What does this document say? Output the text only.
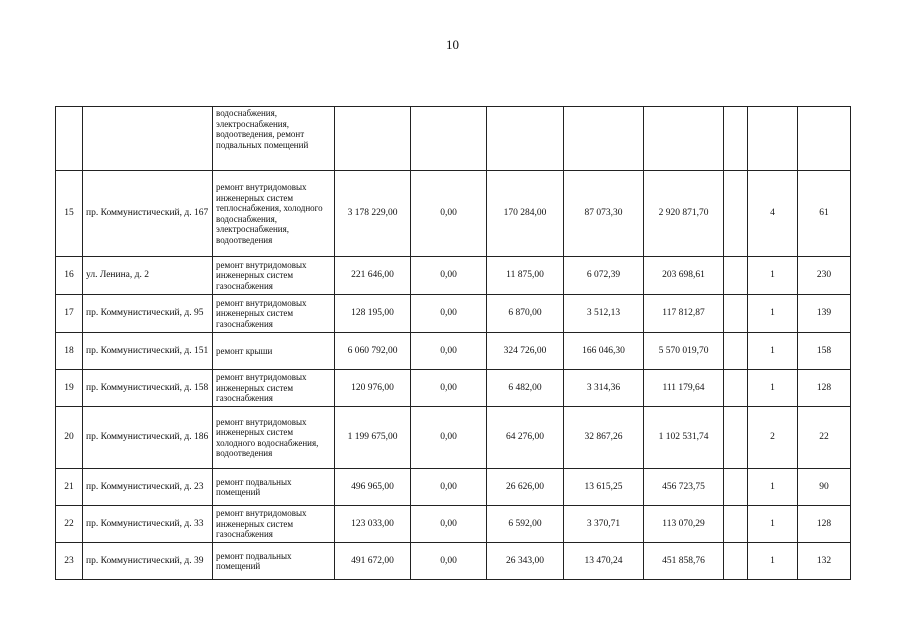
10
		водоснабжения, электроснабжения, водоотведения, ремонт подвальных помещений								
15	пр. Коммунистический, д. 167	ремонт внутридомовых инженерных систем теплоснабжения, холодного водоснабжения, электроснабжения, водоотведения	3 178 229,00	0,00	170 284,00	87 073,30	2 920 871,70		4	61
16	ул. Ленина, д. 2	ремонт внутридомовых инженерных систем газоснабжения	221 646,00	0,00	11 875,00	6 072,39	203 698,61		1	230
17	пр. Коммунистический, д. 95	ремонт внутридомовых инженерных систем газоснабжения	128 195,00	0,00	6 870,00	3 512,13	117 812,87		1	139
18	пр. Коммунистический, д. 151	ремонт крыши	6 060 792,00	0,00	324 726,00	166 046,30	5 570 019,70		1	158
19	пр. Коммунистический, д. 158	ремонт внутридомовых инженерных систем газоснабжения	120 976,00	0,00	6 482,00	3 314,36	111 179,64		1	128
20	пр. Коммунистический, д. 186	ремонт внутридомовых инженерных систем холодного водоснабжения, водоотведения	1 199 675,00	0,00	64 276,00	32 867,26	1 102 531,74		2	22
21	пр. Коммунистический, д. 23	ремонт подвальных помещений	496 965,00	0,00	26 626,00	13 615,25	456 723,75		1	90
22	пр. Коммунистический, д. 33	ремонт внутридомовых инженерных систем газоснабжения	123 033,00	0,00	6 592,00	3 370,71	113 070,29		1	128
23	пр. Коммунистический, д. 39	ремонт подвальных помещений	491 672,00	0,00	26 343,00	13 470,24	451 858,76		1	132
